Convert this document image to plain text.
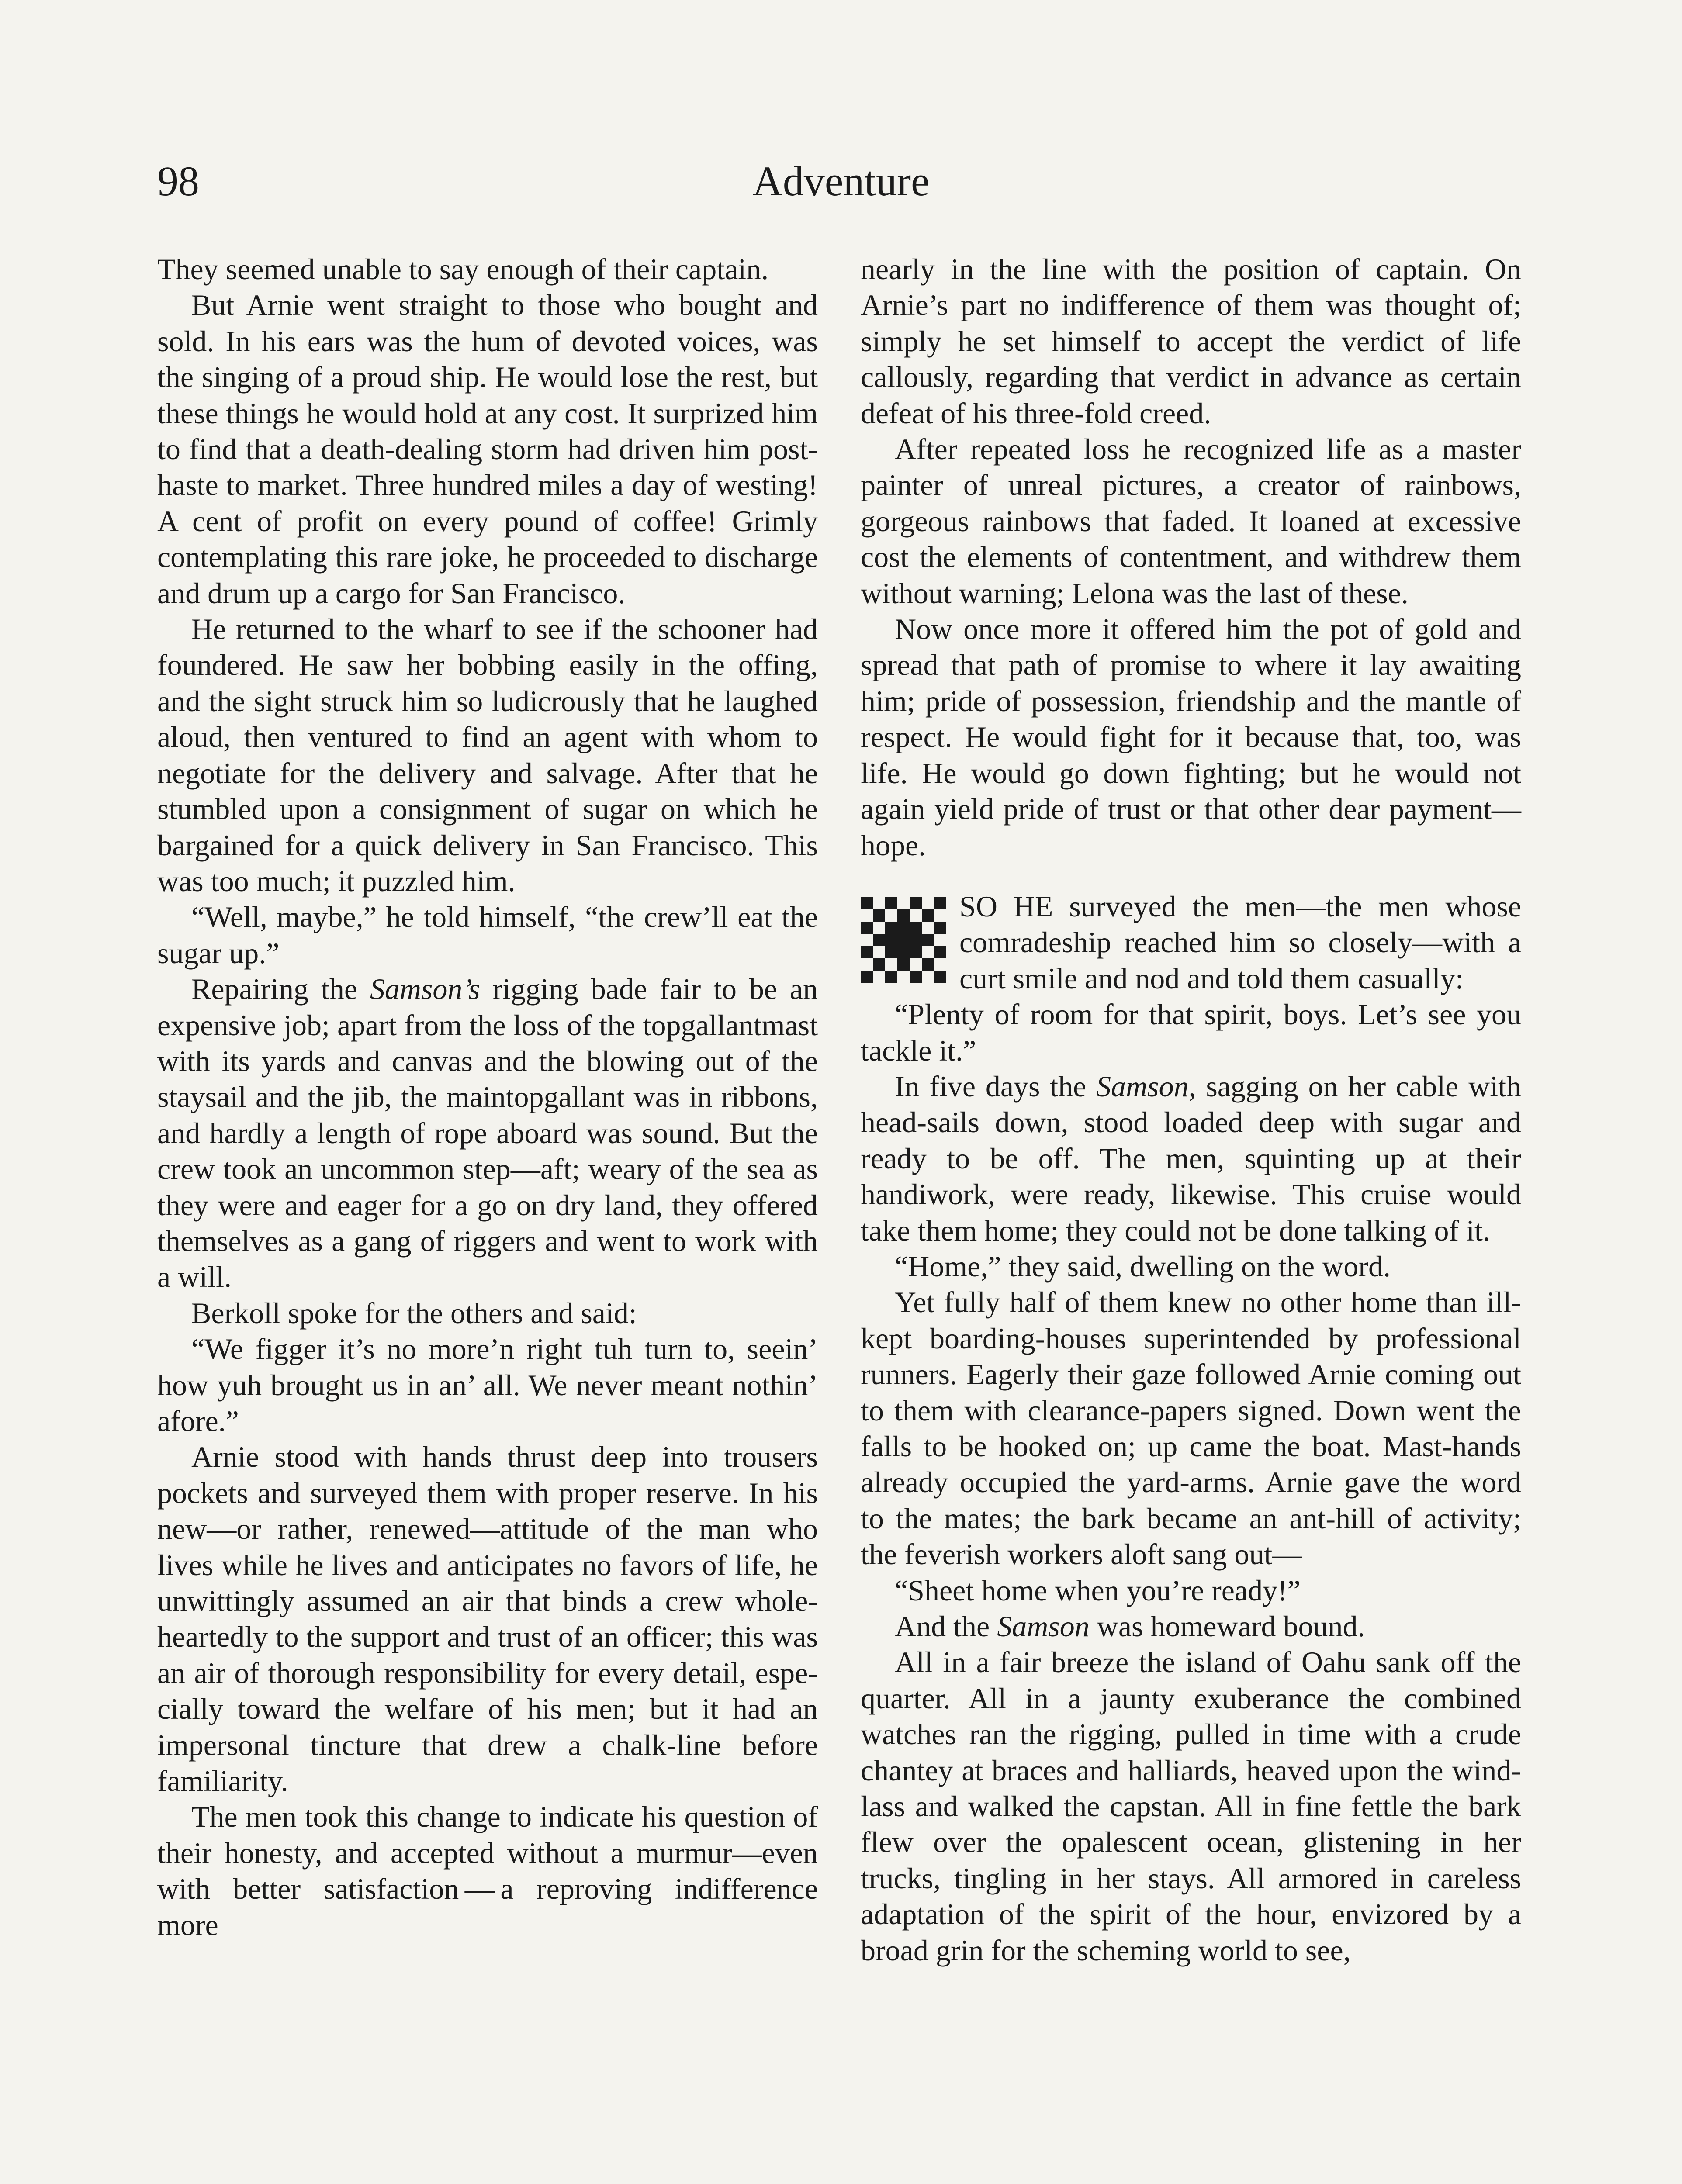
98	Adventure

They seemed unable to say enough of their captain.

But Arnie went straight to those who bought and sold. In his ears was the hum of devoted voices, was the singing of a proud ship. He would lose the rest, but these things he would hold at any cost. It surprized him to find that a death-dealing storm had driven him post-haste to market. Three hundred miles a day of westing! A cent of profit on every pound of coffee! Grimly contemplating this rare joke, he proceeded to discharge and drum up a cargo for San Francisco.

He returned to the wharf to see if the schooner had foundered. He saw her bobbing easily in the offing, and the sight struck him so ludicrously that he laughed aloud, then ventured to find an agent with whom to negotiate for the delivery and salvage. After that he stumbled upon a consignment of sugar on which he bargained for a quick delivery in San Francisco. This was too much; it puzzled him.

“Well, maybe,” he told himself, “the crew’ll eat the sugar up.”

Repairing the Samson’s rigging bade fair to be an expensive job; apart from the loss of the topgallantmast with its yards and canvas and the blowing out of the staysail and the jib, the maintopgallant was in ribbons, and hardly a length of rope aboard was sound. But the crew took an uncommon step—aft; weary of the sea as they were and eager for a go on dry land, they offered themselves as a gang of riggers and went to work with a will.

Berkoll spoke for the others and said:

“We figger it’s no more’n right tuh turn to, seein’ how yuh brought us in an’ all. We never meant nothin’ afore.”

Arnie stood with hands thrust deep into trousers pockets and surveyed them with proper reserve. In his new—or rather, renewed—attitude of the man who lives while he lives and anticipates no favors of life, he unwittingly assumed an air that binds a crew whole-heartedly to the support and trust of an officer; this was an air of thorough responsibility for every detail, especially toward the welfare of his men; but it had an impersonal tincture that drew a chalk-line before familiarity.

The men took this change to indicate his question of their honesty, and accepted without a murmur—even with better satisfaction — a reproving indifference more

nearly in the line with the position of captain. On Arnie’s part no indifference of them was thought of; simply he set himself to accept the verdict of life callously, regarding that verdict in advance as certain defeat of his three-fold creed.

After repeated loss he recognized life as a master painter of unreal pictures, a creator of rainbows, gorgeous rainbows that faded. It loaned at excessive cost the elements of contentment, and withdrew them without warning; Lelona was the last of these.

Now once more it offered him the pot of gold and spread that path of promise to where it lay awaiting him; pride of possession, friendship and the mantle of respect. He would fight for it because that, too, was life. He would go down fighting; but he would not again yield pride of trust or that other dear payment—hope.

SO HE surveyed the men—the men whose comradeship reached him so closely—with a curt smile and nod and told them casually:

“Plenty of room for that spirit, boys. Let’s see you tackle it.”

In five days the Samson, sagging on her cable with head-sails down, stood loaded deep with sugar and ready to be off. The men, squinting up at their handiwork, were ready, likewise. This cruise would take them home; they could not be done talking of it.

“Home,” they said, dwelling on the word.

Yet fully half of them knew no other home than ill-kept boarding-houses superintended by professional runners. Eagerly their gaze followed Arnie coming out to them with clearance-papers signed. Down went the falls to be hooked on; up came the boat. Mast-hands already occupied the yard-arms. Arnie gave the word to the mates; the bark became an ant-hill of activity; the feverish workers aloft sang out—

“Sheet home when you’re ready!”

And the Samson was homeward bound.

All in a fair breeze the island of Oahu sank off the quarter. All in a jaunty exuberance the combined watches ran the rigging, pulled in time with a crude chantey at braces and halliards, heaved upon the windlass and walked the capstan. All in fine fettle the bark flew over the opalescent ocean, glistening in her trucks, tingling in her stays. All armored in careless adaptation of the spirit of the hour, envizored by a broad grin for the scheming world to see,
